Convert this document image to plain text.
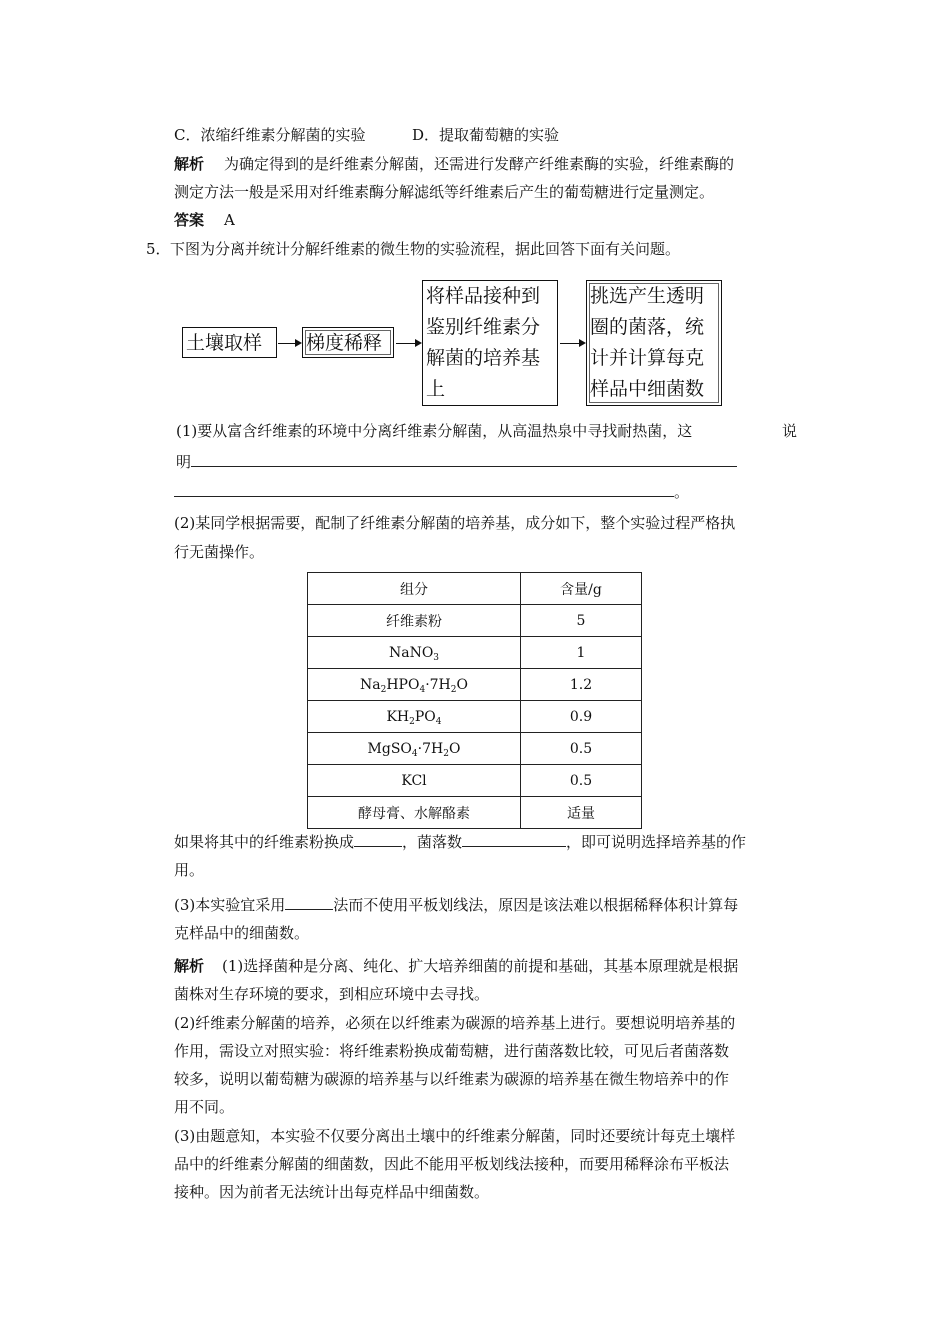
C．浓缩纤维素分解菌的实验	D．提取葡萄糖的实验
解析 为确定得到的是纤维素分解菌，还需进行发酵产纤维素酶的实验，纤维素酶的
测定方法一般是采用对纤维素酶分解滤纸等纤维素后产生的葡萄糖进行定量测定。
答案 A
5． 下图为分离并统计分解纤维素的微生物的实验流程，据此回答下面有关问题。
土壤取样	梯度稀释
将样品接种到
鉴别纤维素分
解菌的培养基
上
挑选产生透明
圈的菌落，统
计并计算每克
样品中细菌数
(1)要从富含纤维素的环境中分离纤维素分解菌，从高温热泉中寻找耐热菌，这	说
明
。
(2)某同学根据需要，配制了纤维素分解菌的培养基，成分如下，整个实验过程严格执
行无菌操作。
组分	含量/g
纤维素粉	5
NaNO$_3$	1
$Na_2HPO_4\cdot 7H_2O$	1.2
$KH_2PO_4$	0.9
$MgSO_4\cdot 7H_2O$	0.5
KCl	0.5
酵母膏、水解酪素	适量
如果将其中的纤维素粉换成	，菌落数	，即可说明选择培养基的作
用。
(3)本实验宜采用	法而不使用平板划线法，原因是该法难以根据稀释体积计算每
克样品中的细菌数。
解析 (1)选择菌种是分离、纯化、扩大培养细菌的前提和基础，其基本原理就是根据
菌株对生存环境的要求，到相应环境中去寻找。
(2)纤维素分解菌的培养，必须在以纤维素为碳源的培养基上进行。要想说明培养基的
作用，需设立对照实验：将纤维素粉换成葡萄糖，进行菌落数比较，可见后者菌落数
较多，说明以葡萄糖为碳源的培养基与以纤维素为碳源的培养基在微生物培养中的作
用不同。
(3)由题意知，本实验不仅要分离出土壤中的纤维素分解菌，同时还要统计每克土壤样
品中的纤维素分解菌的细菌数，因此不能用平板划线法接种，而要用稀释涂布平板法
接种。因为前者无法统计出每克样品中细菌数。
